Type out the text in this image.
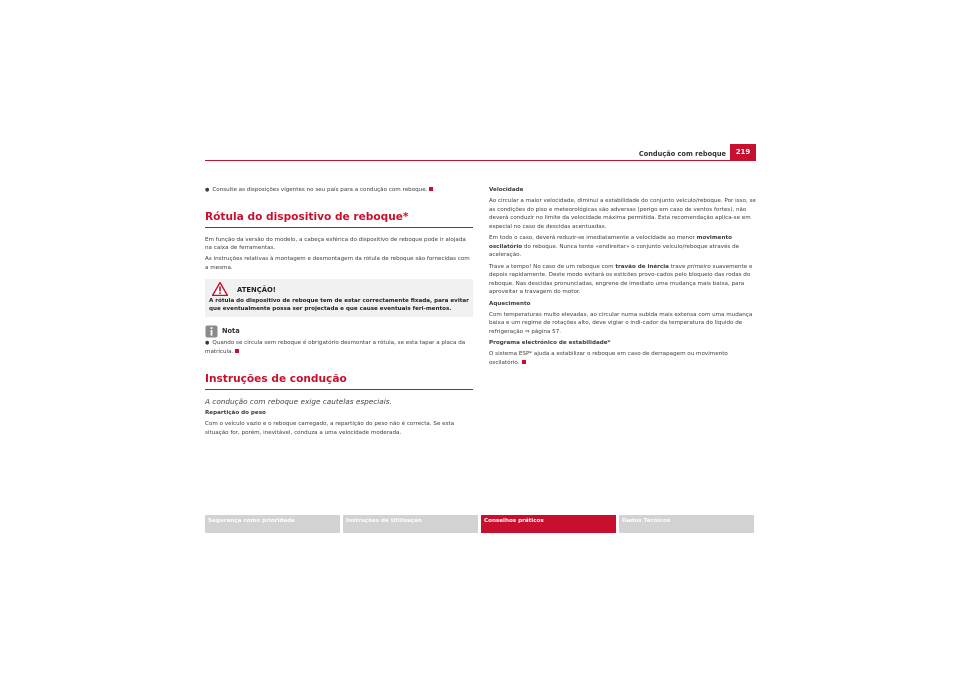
Condução com reboque	219

● Consulte as disposições vigentes no seu país para a condução com reboque.

Rótula do dispositivo de reboque*

Em função da versão do modelo, a cabeça esférica do dispositivo de reboque pode ir alojada na caixa de ferramentas.

As instruções relativas à montagem e desmontagem da rótula de reboque são fornecidas com a mesma.

ATENÇÃO!
A rótula do dispositivo de reboque tem de estar correctamente fixada, para evitar que eventualmente possa ser projectada e que cause eventuais feri-mentos.
Nota

● Quando se circula sem reboque é obrigatório desmontar a rótula, se esta tapar a placa da matrícula.

Instruções de condução

A condução com reboque exige cautelas especiais.

Repartição do peso

Com o veículo vazio e o reboque carregado, a repartição do peso não é correcta. Se esta situação for, porém, inevitável, conduza a uma velocidade moderada.

Velocidade

Ao circular a maior velocidade, diminui a estabilidade do conjunto veículo/reboque. Por isso, se as condições do piso e meteorológicas são adversas (perigo em caso de ventos fortes), não deverá conduzir no limite da velocidade máxima permitida. Esta recomendação aplica-se em especial no caso de descidas acentuadas.

Em todo o caso, deverá reduzir-se imediatamente a velocidade ao menor movimento oscilatório do reboque. Nunca tente «endireitar» o conjunto veículo/reboque através de aceleração.

Trave a tempo! No caso de um reboque com travão de inércia trave primeiro suavemente e depois rapidamente. Deste modo evitará os esticões provo-cados pelo bloqueio das rodas do reboque. Nas descidas pronunciadas, engrene de imediato uma mudança mais baixa, para aproveitar a travagem do motor.

Aquecimento

Com temperaturas muito elevadas, ao circular numa subida mais extensa com uma mudança baixa e um regime de rotações alto, deve vigiar o indi-cador da temperatura do líquido de refrigeração ⇒ página 57.

Programa electrónico de estabilidade*

O sistema ESP* ajuda a estabilizar o reboque em caso de derrapagem ou movimento oscilatório.

Segurança como prioridade	Instruções de Utilização	Conselhos práticos	Dados Técnicos
